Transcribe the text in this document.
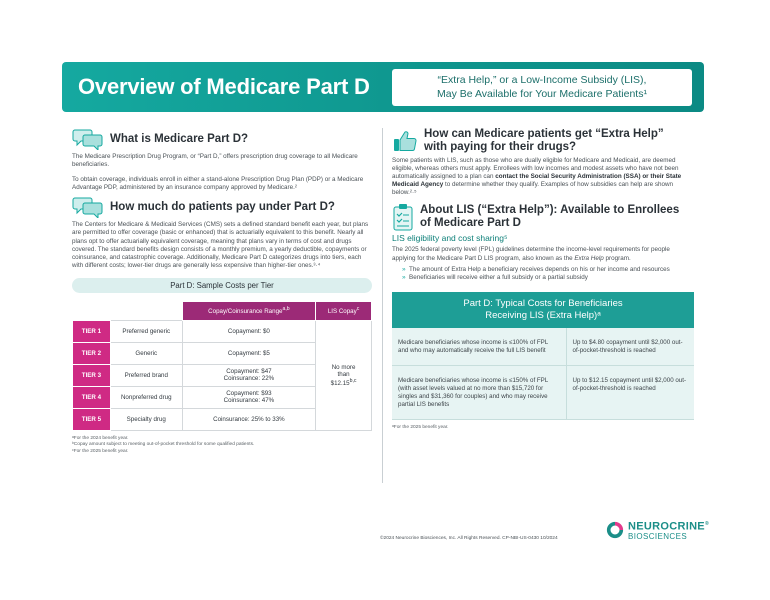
Overview of Medicare Part D	“Extra Help,” or a Low-Income Subsidy (LIS),
May Be Available for Your Medicare Patients¹
What is Medicare Part D?

The Medicare Prescription Drug Program, or “Part D,” offers prescription drug coverage to all Medicare beneficiaries.

To obtain coverage, individuals enroll in either a stand-alone Prescription Drug Plan (PDP) or a Medicare Advantage PDP, administered by an insurance company approved by Medicare.²

How much do patients pay under Part D?

The Centers for Medicare & Medicaid Services (CMS) sets a defined standard benefit each year, but plans are permitted to offer coverage (basic or enhanced) that is actuarially equivalent to this benefit. Nearly all plans opt to offer actuarially equivalent coverage, meaning that plans vary in terms of cost and drugs covered. The standard benefits design consists of a monthly premium, a yearly deductible, copayments or coinsurance, and catastrophic coverage. Additionally, Medicare Part D categorizes drugs into tiers, each with different costs; lower-tier drugs are generally less expensive than higher-tier ones.³·⁴

Part D: Sample Costs per Tier
		Copay/Coinsurance Range$^{a,b}$	LIS Copay$^c$
TIER 1	Preferred generic	Copayment: $0	No more
than
$12.15$^{b,c}$

TIER 2	Generic	Copayment: $5	
TIER 3	Preferred brand	Copayment: $47
Coinsurance: 22%	

TIER 4	Nonpreferred drug	Copayment: $93
Coinsurance: 47%	

TIER 5	Specialty drug	Coinsurance: 25% to 33%	
ᵃFor the 2024 benefit year.
ᵇCopay amount subject to meeting out-of-pocket threshold for some qualified patients.
ᶜFor the 2025 benefit year.
How can Medicare patients get “Extra Help”
with paying for their drugs?

Some patients with LIS, such as those who are dually eligible for Medicare and Medicaid, are deemed eligible, whereas others must apply. Enrollees with low incomes and modest assets who have not been automatically assigned to a plan can contact the Social Security Administration (SSA) or their State Medicaid Agency to determine whether they qualify. Examples of how subsidies can help are shown below.²·⁵

About LIS (“Extra Help”): Available to Enrollees
of Medicare Part D
LIS eligibility and cost sharing⁵

The 2025 federal poverty level (FPL) guidelines determine the income-level requirements for people applying for the Medicare Part D LIS program, also known as the Extra Help program.

» The amount of Extra Help a beneficiary receives depends on his or her income and resources
» Beneficiaries will receive either a full subsidy or a partial subsidy
Part D: Typical Costs for Beneficiaries
Receiving LIS (Extra Help)ᵃ
Medicare beneficiaries whose income is ≤100% of FPL and who may automatically receive the full LIS benefit	Up to $4.80 copayment until $2,000 out-of-pocket-threshold is reached
Medicare beneficiaries whose income is ≤150% of FPL (with asset levels valued at no more than $15,720 for singles and $31,360 for couples) and who may receive partial LIS benefits	Up to $12.15 copayment until $2,000 out-of-pocket-threshold is reached
ᵃFor the 2025 benefit year.
©2024 Neurocrine Biosciences, Inc. All Rights Reserved. CP-NBI-US-0430 10/2024
NEUROCRINE®
BIOSCIENCES
